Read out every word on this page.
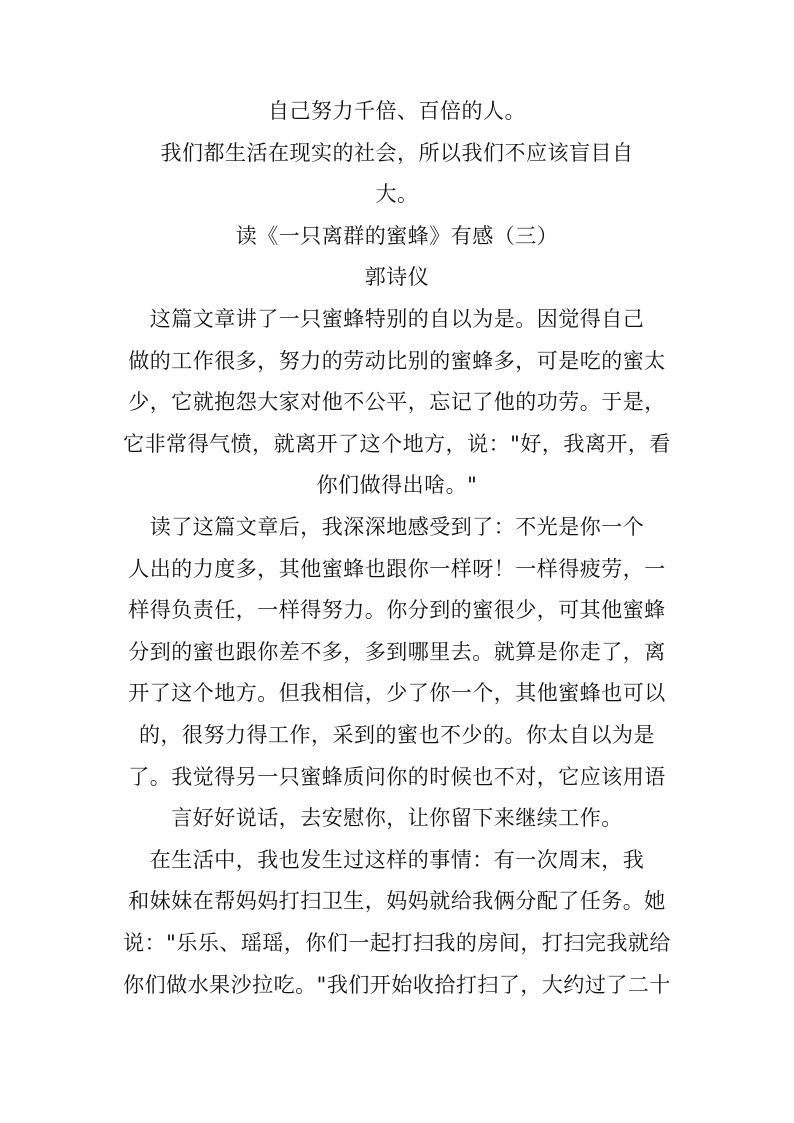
自己努力千倍、百倍的人。
我们都生活在现实的社会，所以我们不应该盲目自
大。
读《一只离群的蜜蜂》有感（三）
郭诗仪
这篇文章讲了一只蜜蜂特别的自以为是。因觉得自己
做的工作很多，努力的劳动比别的蜜蜂多，可是吃的蜜太
少，它就抱怨大家对他不公平，忘记了他的功劳。于是，
它非常得气愤，就离开了这个地方，说："好，我离开，看
你们做得出啥。"
读了这篇文章后，我深深地感受到了：不光是你一个
人出的力度多，其他蜜蜂也跟你一样呀！一样得疲劳，一
样得负责任，一样得努力。你分到的蜜很少，可其他蜜蜂
分到的蜜也跟你差不多，多到哪里去。就算是你走了，离
开了这个地方。但我相信，少了你一个，其他蜜蜂也可以
的，很努力得工作，采到的蜜也不少的。你太自以为是
了。我觉得另一只蜜蜂质问你的时候也不对，它应该用语
言好好说话，去安慰你，让你留下来继续工作。
在生活中，我也发生过这样的事情：有一次周末，我
和妹妹在帮妈妈打扫卫生，妈妈就给我俩分配了任务。她
说："乐乐、瑶瑶，你们一起打扫我的房间，打扫完我就给
你们做水果沙拉吃。"我们开始收拾打扫了，大约过了二十
